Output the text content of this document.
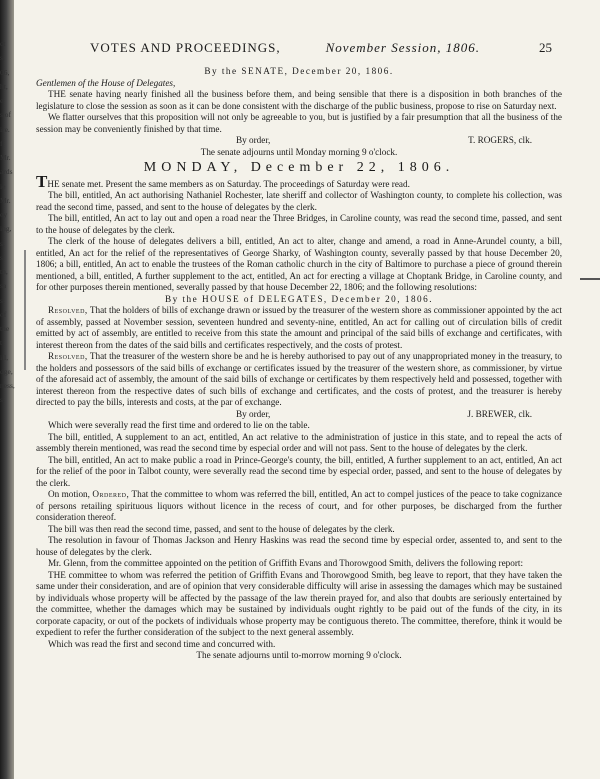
ct
s,
06,
ht,
e
s of
ire.
f
Mr.
ards
ie
Mr.
ey
ing,
s,
s
th,
sa
s:
of
the
t
ill,
dge,
ness,
s.
VOTES AND PROCEEDINGS,	November Session, 1806.	25

By the SENATE, December 20, 1806.

Gentlemen of the House of Delegates,

THE senate having nearly finished all the business before them, and being sensible that there is a disposition in both branches of the legislature to close the session as soon as it can be done consistent with the discharge of the public business, propose to rise on Saturday next.

We flatter ourselves that this proposition will not only be agreeable to you, but is justified by a fair presumption that all the business of the session may be conveniently finished by that time.

By order,	T. ROGERS, clk.

The senate adjourns until Monday morning 9 o'clock.

MONDAY, December 22, 1806.

THE senate met. Present the same members as on Saturday. The proceedings of Saturday were read.

The bill, entitled, An act authorising Nathaniel Rochester, late sheriff and collector of Washington county, to complete his collection, was read the second time, passed, and sent to the house of delegates by the clerk.

The bill, entitled, An act to lay out and open a road near the Three Bridges, in Caroline county, was read the second time, passed, and sent to the house of delegates by the clerk.

The clerk of the house of delegates delivers a bill, entitled, An act to alter, change and amend, a road in Anne-Arundel county, a bill, entitled, An act for the relief of the representatives of George Sharky, of Washington county, severally passed by that house December 20, 1806; a bill, entitled, An act to enable the trustees of the Roman catholic church in the city of Baltimore to purchase a piece of ground therein mentioned, a bill, entitled, A further supplement to the act, entitled, An act for erecting a village at Choptank Bridge, in Caroline county, and for other purposes therein mentioned, severally passed by that house December 22, 1806; and the following resolutions:

By the HOUSE of DELEGATES, December 20, 1806.

Resolved, That the holders of bills of exchange drawn or issued by the treasurer of the western shore as commissioner appointed by the act of assembly, passed at November session, seventeen hundred and seventy-nine, entitled, An act for calling out of circulation bills of credit emitted by act of assembly, are entitled to receive from this state the amount and principal of the said bills of exchange and certificates, with interest thereon from the dates of the said bills and certificates respectively, and the costs of protest.

Resolved, That the treasurer of the western shore be and he is hereby authorised to pay out of any unappropriated money in the treasury, to the holders and possessors of the said bills of exchange or certificates issued by the treasurer of the western shore, as commissioner, by virtue of the aforesaid act of assembly, the amount of the said bills of exchange or certificates by them respectively held and possessed, together with interest thereon from the respective dates of such bills of exchange and certificates, and the costs of protest, and the treasurer is hereby directed to pay the bills, interests and costs, at the par of exchange.

By order,	J. BREWER, clk.

Which were severally read the first time and ordered to lie on the table.

The bill, entitled, A supplement to an act, entitled, An act relative to the administration of justice in this state, and to repeal the acts of assembly therein mentioned, was read the second time by especial order and will not pass. Sent to the house of delegates by the clerk.

The bill, entitled, An act to make public a road in Prince-George's county, the bill, entitled, A further supplement to an act, entitled, An act for the relief of the poor in Talbot county, were severally read the second time by especial order, passed, and sent to the house of delegates by the clerk.

On motion, Ordered, That the committee to whom was referred the bill, entitled, An act to compel justices of the peace to take cognizance of persons retailing spirituous liquors without licence in the recess of court, and for other purposes, be discharged from the further consideration thereof.

The bill was then read the second time, passed, and sent to the house of delegates by the clerk.

The resolution in favour of Thomas Jackson and Henry Haskins was read the second time by especial order, assented to, and sent to the house of delegates by the clerk.

Mr. Glenn, from the committee appointed on the petition of Griffith Evans and Thorowgood Smith, delivers the following report:

THE committee to whom was referred the petition of Griffith Evans and Thorowgood Smith, beg leave to report, that they have taken the same under their consideration, and are of opinion that very considerable difficulty will arise in assessing the damages which may be sustained by individuals whose property will be affected by the passage of the law therein prayed for, and also that doubts are seriously entertained by the committee, whether the damages which may be sustained by individuals ought rightly to be paid out of the funds of the city, in its corporate capacity, or out of the pockets of individuals whose property may be contiguous thereto. The committee, therefore, think it would be expedient to refer the further consideration of the subject to the next general assembly.

Which was read the first and second time and concurred with.

The senate adjourns until to-morrow morning 9 o'clock.
